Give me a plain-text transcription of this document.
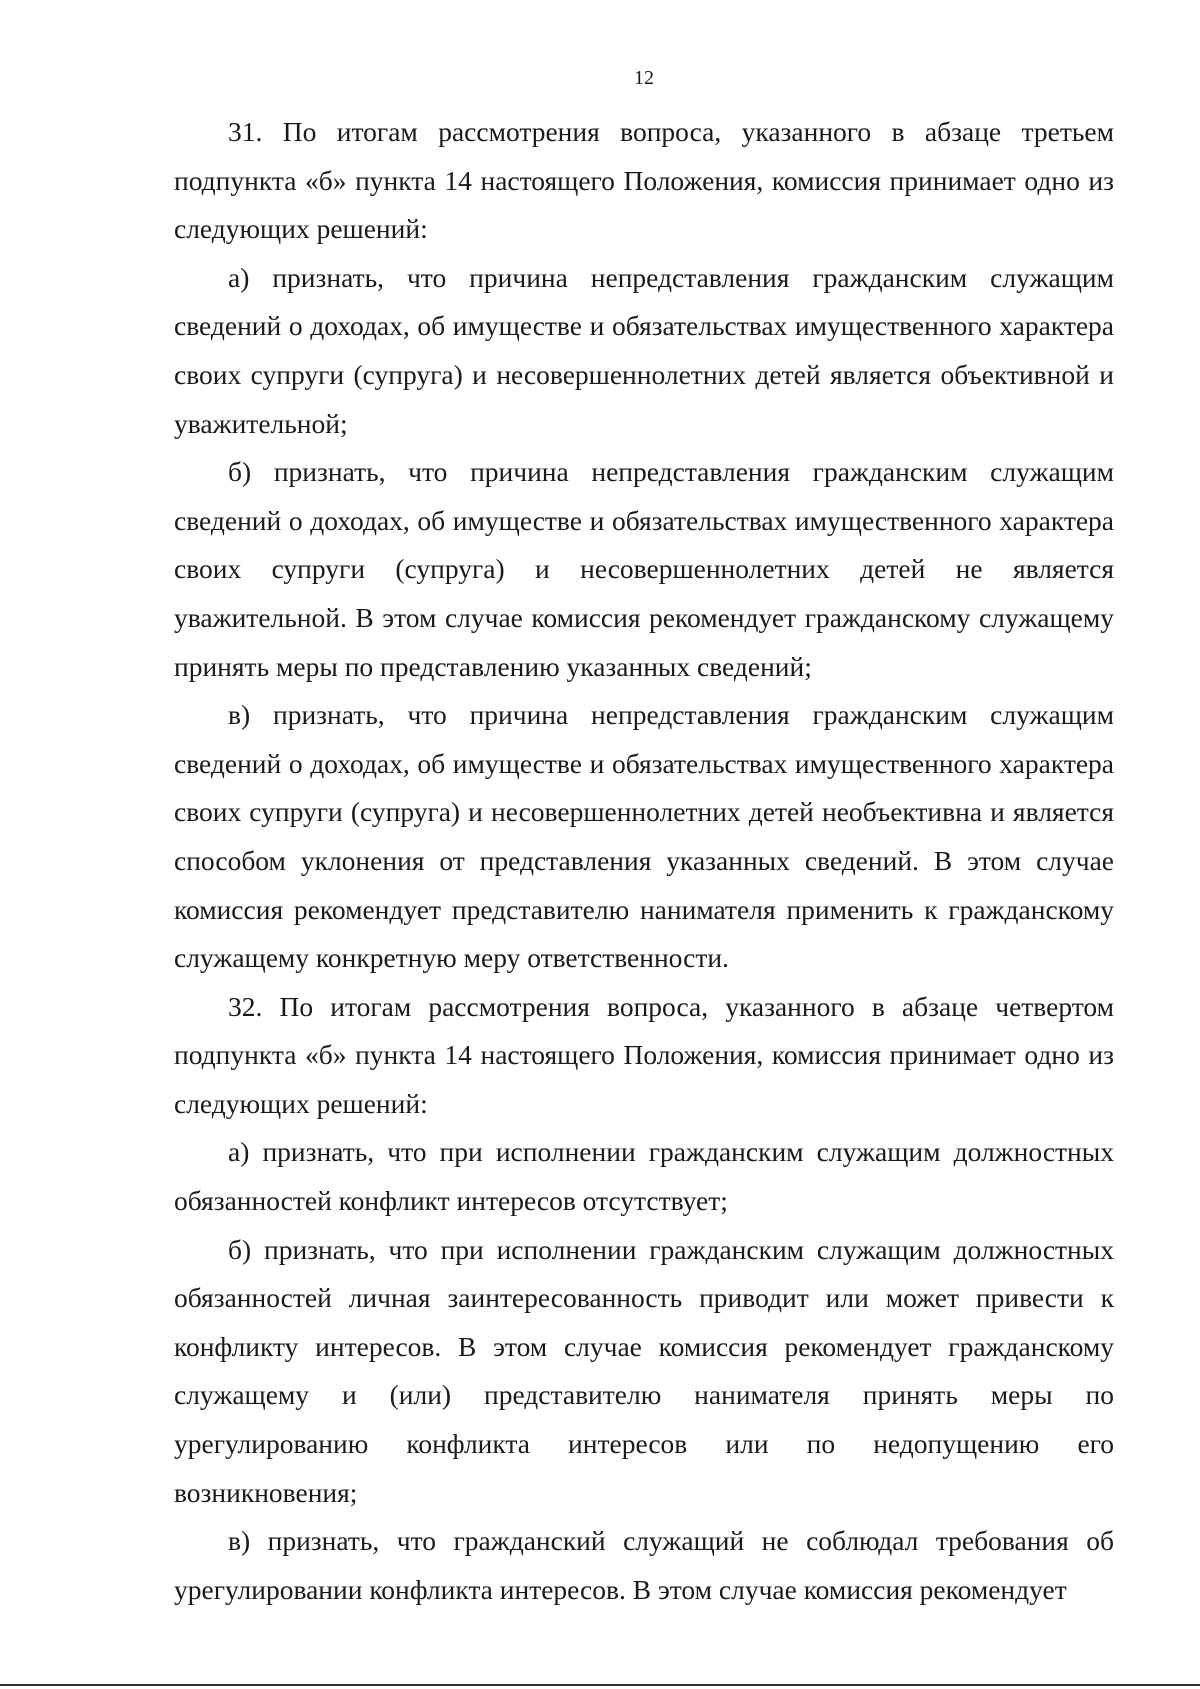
12

31. По итогам рассмотрения вопроса, указанного в абзаце третьем подпункта «б» пункта 14 настоящего Положения, комиссия принимает одно из следующих решений:

а) признать, что причина непредставления гражданским служащим сведений о доходах, об имуществе и обязательствах имущественного характера своих супруги (супруга) и несовершеннолетних детей является объективной и уважительной;

б) признать, что причина непредставления гражданским служащим сведений о доходах, об имуществе и обязательствах имущественного характера своих супруги (супруга) и несовершеннолетних детей не является уважительной. В этом случае комиссия рекомендует гражданскому служащему принять меры по представлению указанных сведений;

в) признать, что причина непредставления гражданским служащим сведений о доходах, об имуществе и обязательствах имущественного характера своих супруги (супруга) и несовершеннолетних детей необъективна и является способом уклонения от представления указанных сведений. В этом случае комиссия рекомендует представителю нанимателя применить к гражданскому служащему конкретную меру ответственности.

32. По итогам рассмотрения вопроса, указанного в абзаце четвертом подпункта «б» пункта 14 настоящего Положения, комиссия принимает одно из следующих решений:

а) признать, что при исполнении гражданским служащим должностных обязанностей конфликт интересов отсутствует;

б) признать, что при исполнении гражданским служащим должностных обязанностей личная заинтересованность приводит или может привести к конфликту интересов. В этом случае комиссия рекомендует гражданскому служащему и (или) представителю нанимателя принять меры по урегулированию конфликта интересов или по недопущению его возникновения;

в) признать, что гражданский служащий не соблюдал требования об урегулировании конфликта интересов. В этом случае комиссия рекомендует
